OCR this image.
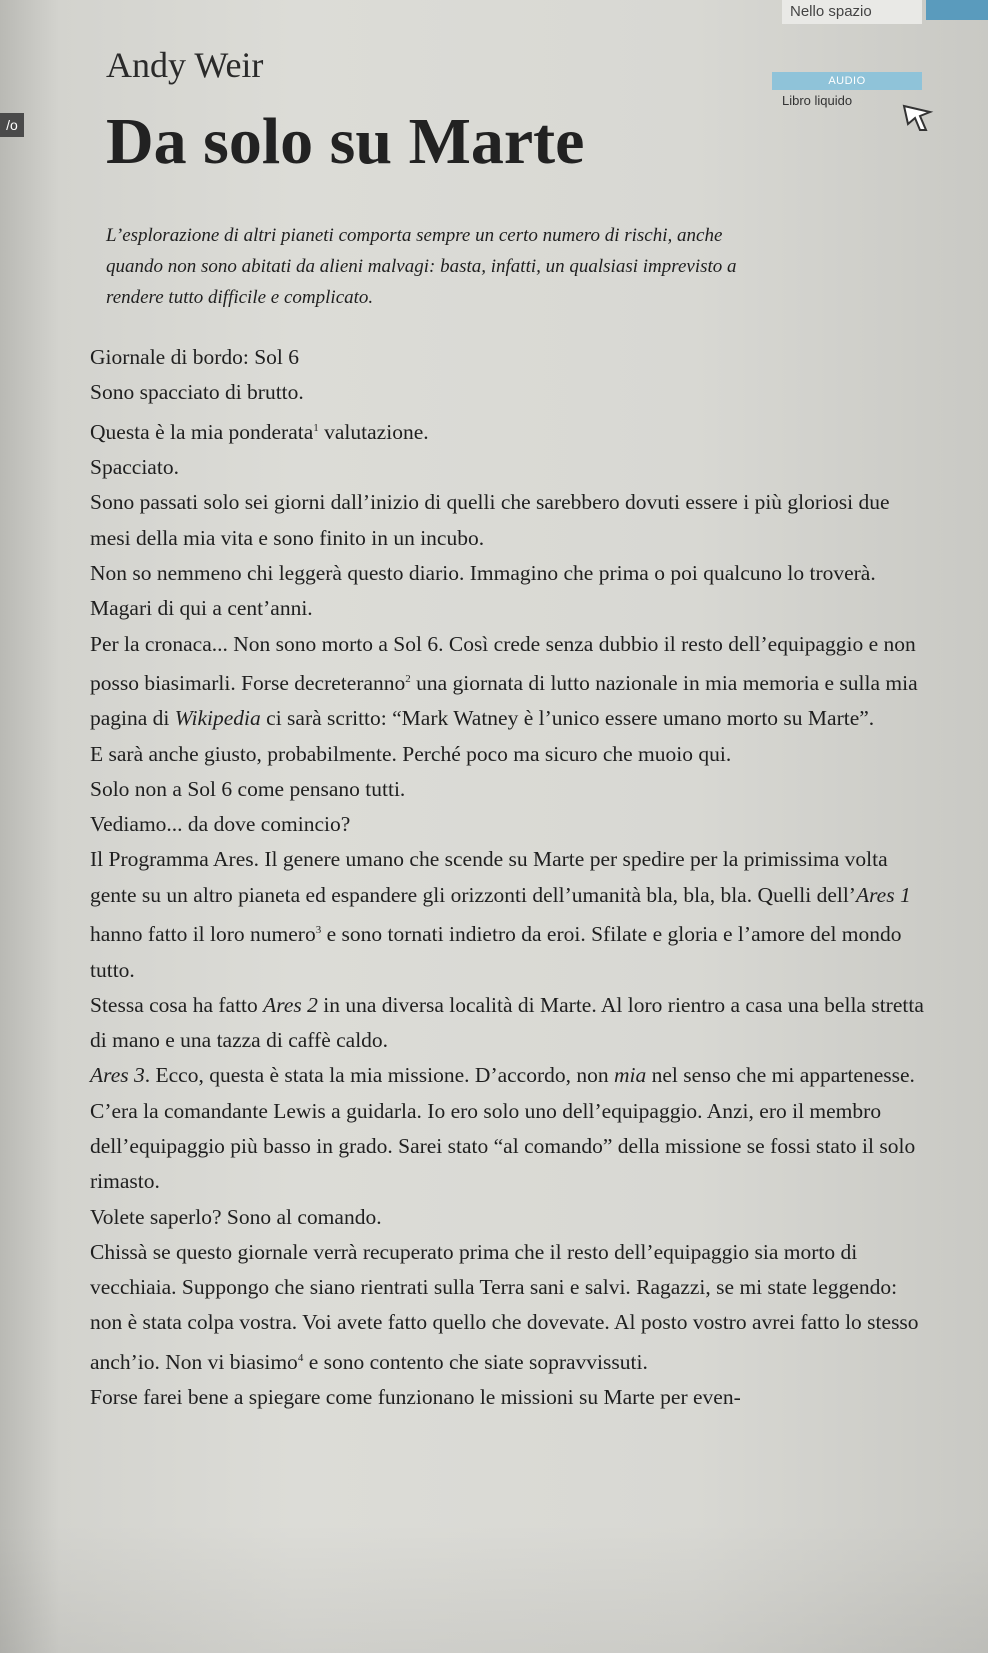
Nello spazio
/o
Andy Weir
Da solo su Marte
AUDIO
Libro liquido
L’esplorazione di altri pianeti comporta sempre un certo numero di rischi, anche quando non sono abitati da alieni malvagi: basta, infatti, un qualsiasi imprevisto a rendere tutto difficile e complicato.

Giornale di bordo: Sol 6

Sono spacciato di brutto.

Questa è la mia ponderata$^1$ valutazione.

Spacciato.

Sono passati solo sei giorni dall’inizio di quelli che sarebbero dovuti essere i più gloriosi due mesi della mia vita e sono finito in un incubo.

Non so nemmeno chi leggerà questo diario. Immagino che prima o poi qualcuno lo troverà. Magari di qui a cent’anni.

Per la cronaca... Non sono morto a Sol 6. Così crede senza dubbio il resto dell’equipaggio e non posso biasimarli. Forse decreteranno$^2$ una giornata di lutto nazionale in mia memoria e sulla mia pagina di Wikipedia ci sarà scritto: “Mark Watney è l’unico essere umano morto su Marte”.

E sarà anche giusto, probabilmente. Perché poco ma sicuro che muoio qui.

Solo non a Sol 6 come pensano tutti.

Vediamo... da dove comincio?

Il Programma Ares. Il genere umano che scende su Marte per spedire per la primissima volta gente su un altro pianeta ed espandere gli orizzonti dell’umanità bla, bla, bla. Quelli dell’Ares 1 hanno fatto il loro numero$^3$ e sono tornati indietro da eroi. Sfilate e gloria e l’amore del mondo tutto.

Stessa cosa ha fatto Ares 2 in una diversa località di Marte. Al loro rientro a casa una bella stretta di mano e una tazza di caffè caldo.

Ares 3. Ecco, questa è stata la mia missione. D’accordo, non mia nel senso che mi appartenesse. C’era la comandante Lewis a guidarla. Io ero solo uno dell’equipaggio. Anzi, ero il membro dell’equipaggio più basso in grado. Sarei stato “al comando” della missione se fossi stato il solo rimasto.

Volete saperlo? Sono al comando.

Chissà se questo giornale verrà recuperato prima che il resto dell’equipaggio sia morto di vecchiaia. Suppongo che siano rientrati sulla Terra sani e salvi. Ragazzi, se mi state leggendo: non è stata colpa vostra. Voi avete fatto quello che dovevate. Al posto vostro avrei fatto lo stesso anch’io. Non vi biasimo$^4$ e sono contento che siate sopravvissuti.

Forse farei bene a spiegare come funzionano le missioni su Marte per even-
